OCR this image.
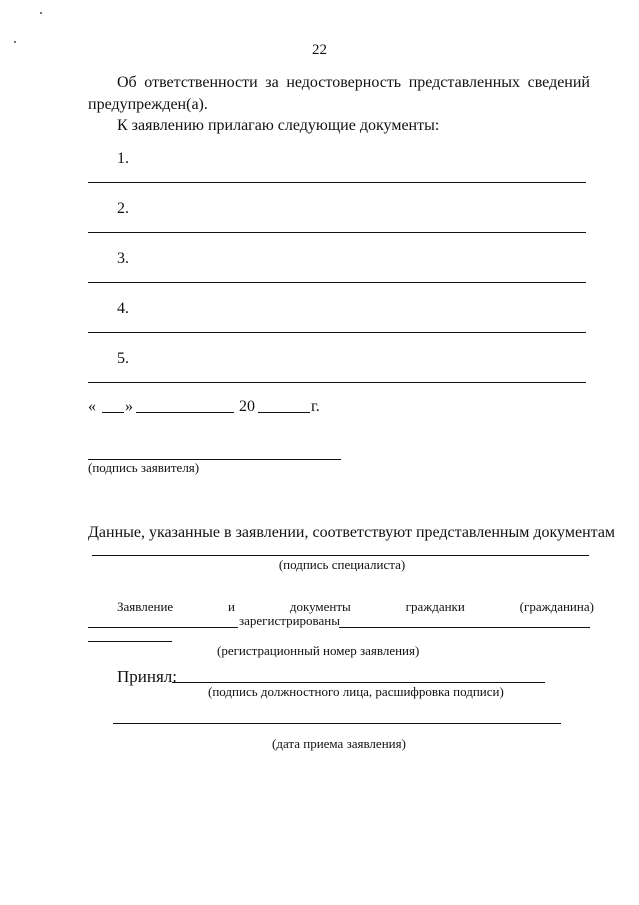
22
Об ответственности за недостоверность представленных сведений
предупрежден(а).
К заявлению прилагаю следующие документы:
1.
2.
3.
4.
5.
« »	20	г.
(подпись заявителя)
Данные, указанные в заявлении, соответствуют представленным документам
(подпись специалиста)
Заявление	и	документы	гражданки	(гражданина)
зарегистрированы
(регистрационный номер заявления)
Принял:
(подпись должностного лица, расшифровка подписи)
(дата приема заявления)
